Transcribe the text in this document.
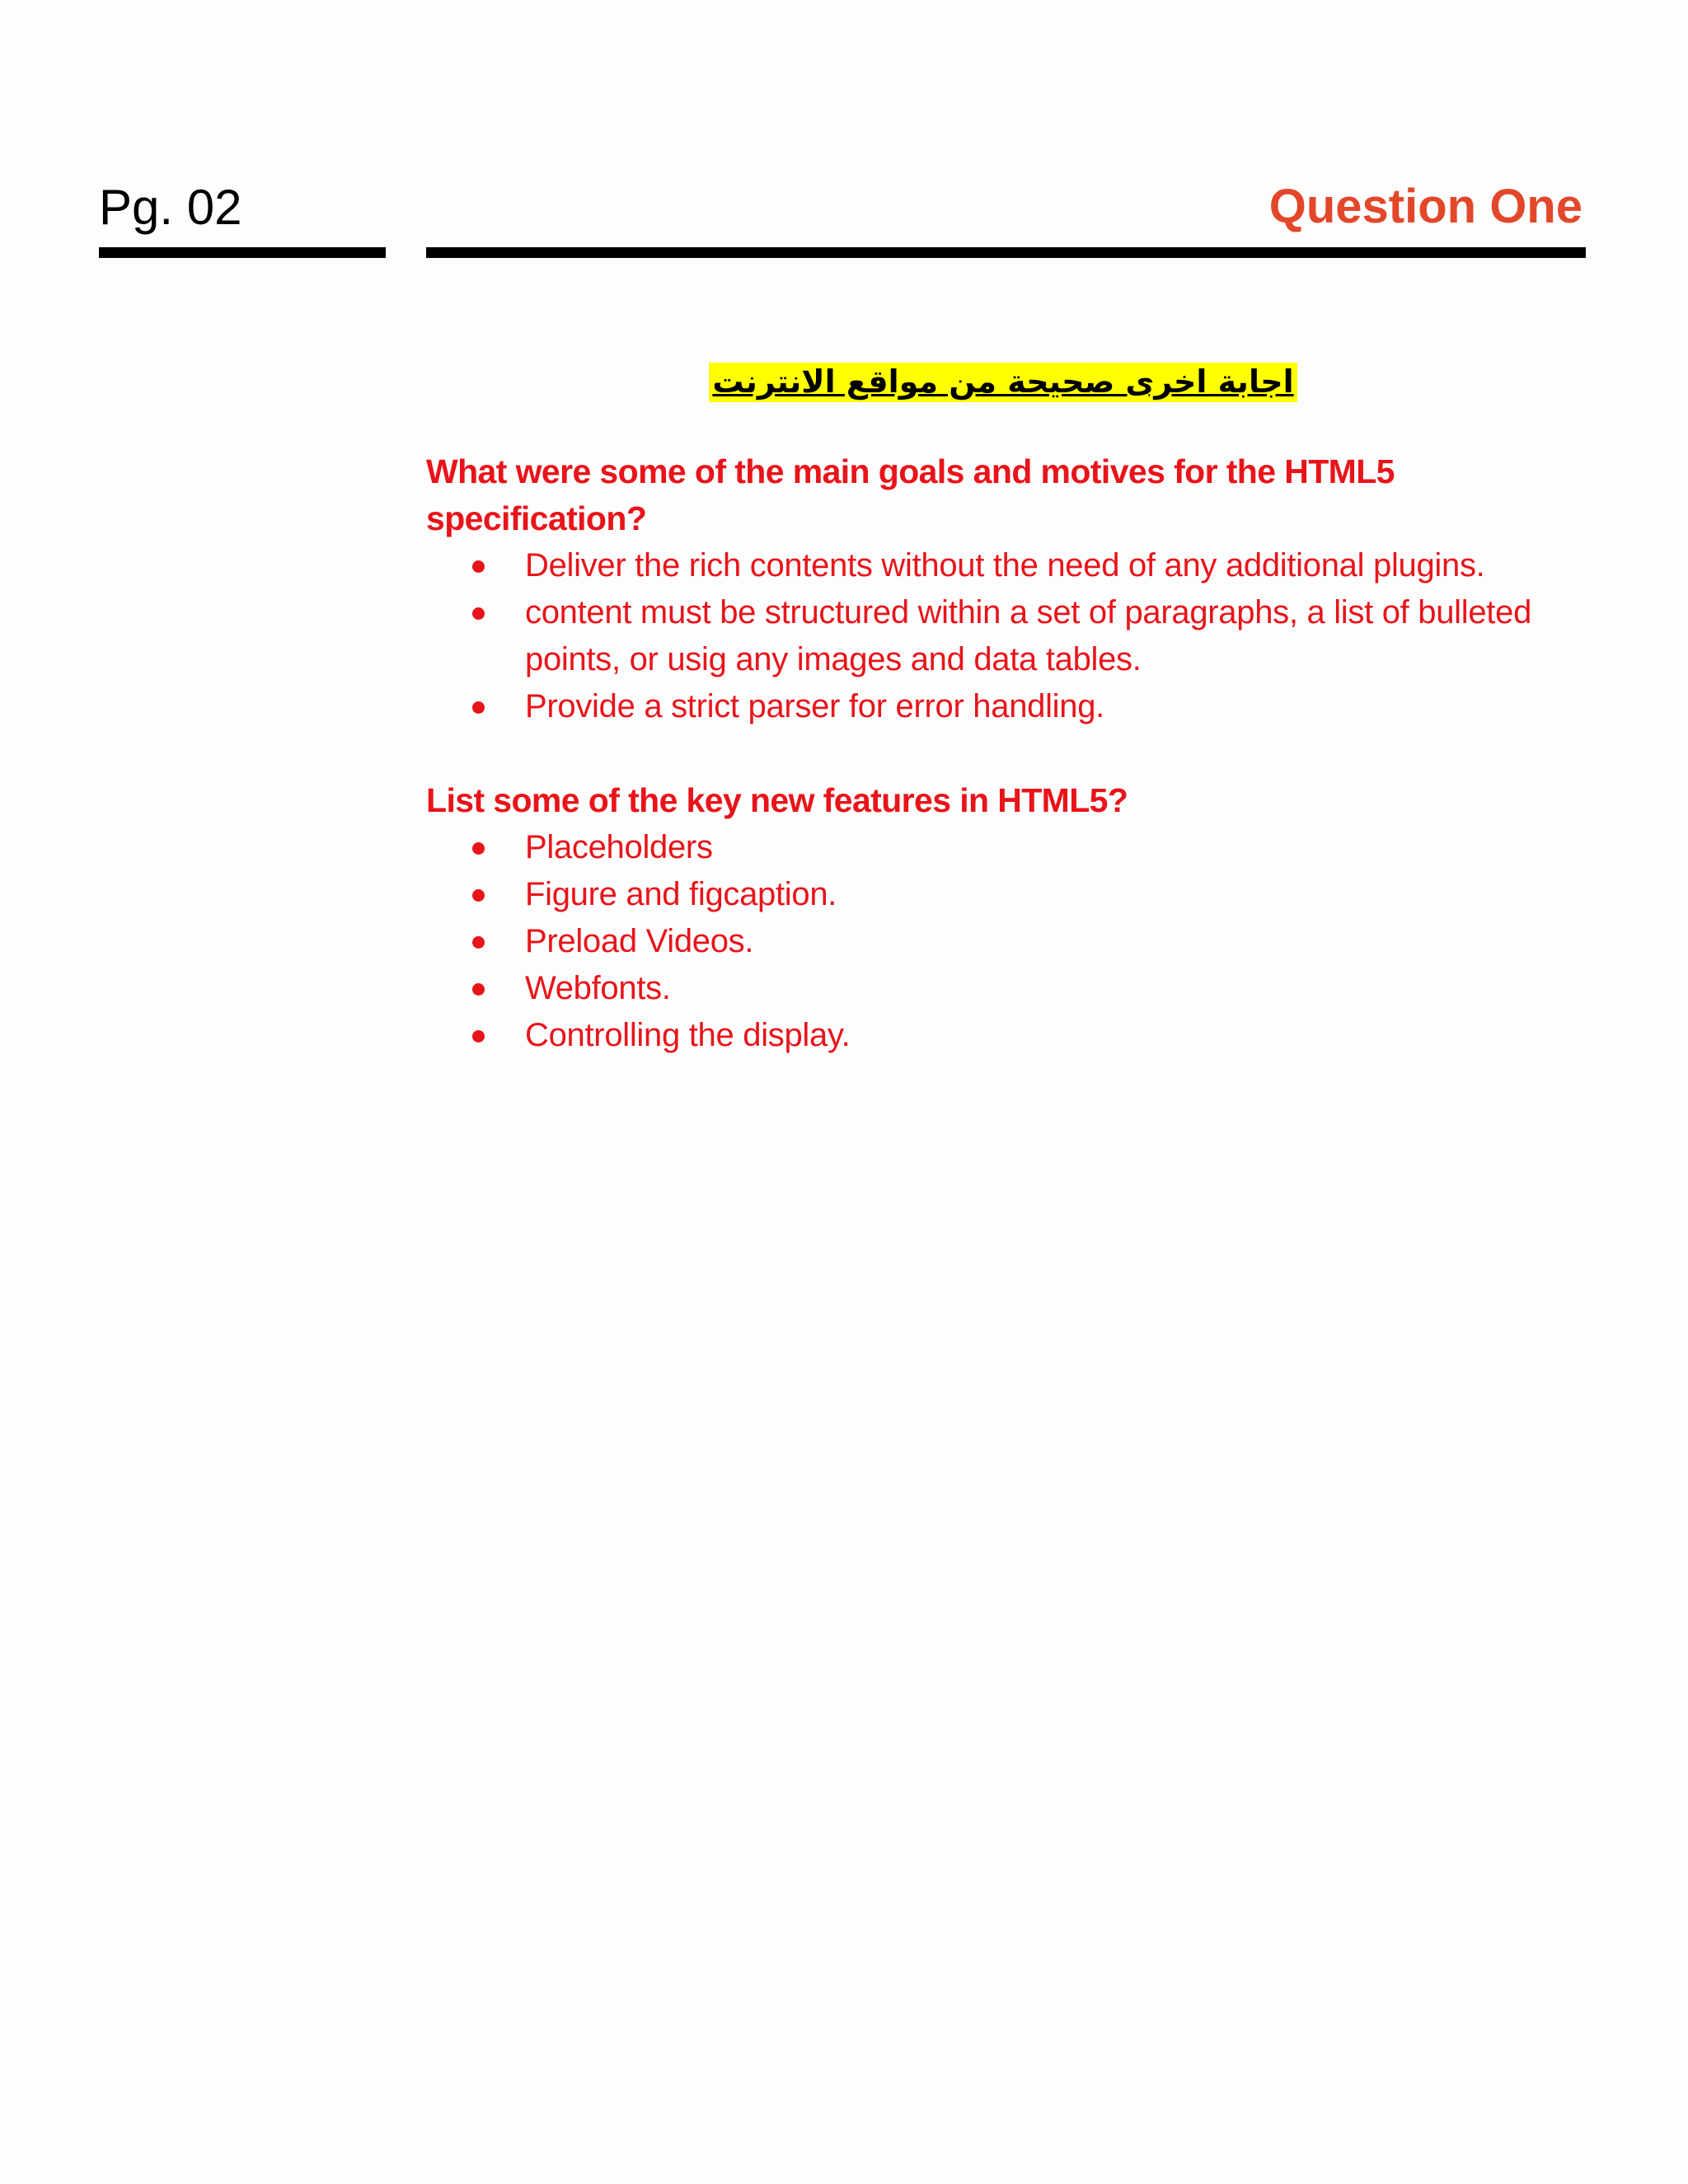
Pg. 02	Question One
اجابة اخرى صحيحة من مواقع الانترنت

What were some of the main goals and motives for the HTML5 specification?

Deliver the rich contents without the need of any additional plugins.
content must be structured within a set of paragraphs, a list of bulleted points, or usig any images and data tables.
Provide a strict parser for error handling.

List some of the key new features in HTML5?

Placeholders
Figure and figcaption.
Preload Videos.
Webfonts.
Controlling the display.
